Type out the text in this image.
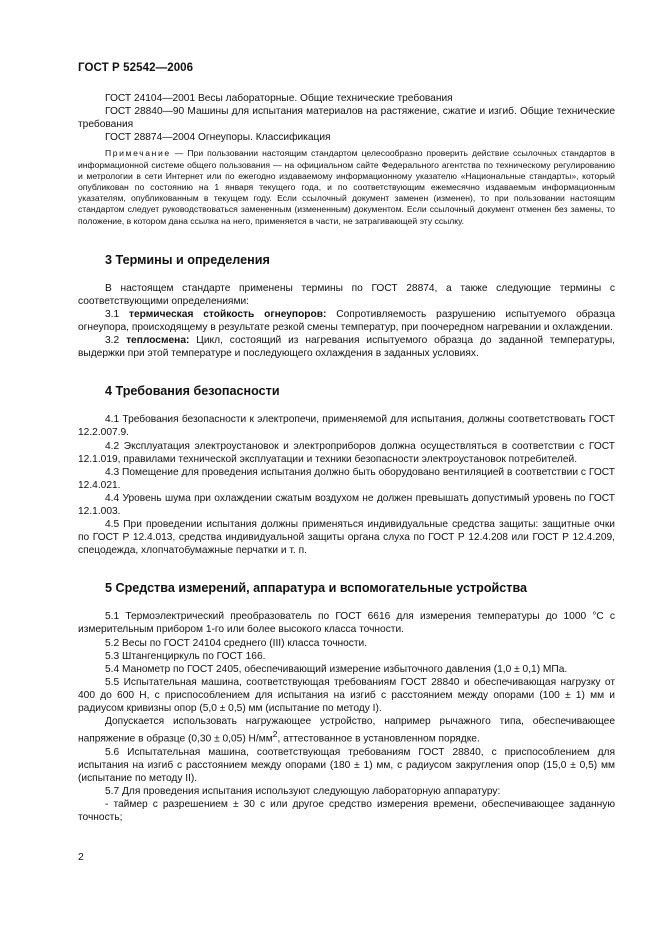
ГОСТ Р 52542—2006

ГОСТ 24104—2001 Весы лабораторные. Общие технические требования

ГОСТ 28840—90 Машины для испытания материалов на растяжение, сжатие и изгиб. Общие технические требования

ГОСТ 28874—2004 Огнеупоры. Классификация

Примечание — При пользовании настоящим стандартом целесообразно проверить действие ссылочных стандартов в информационной системе общего пользования — на официальном сайте Федерального агентства по техническому регулированию и метрологии в сети Интернет или по ежегодно издаваемому информационному указателю «Национальные стандарты», который опубликован по состоянию на 1 января текущего года, и по соответствующим ежемесячно издаваемым информационным указателям, опубликованным в текущем году. Если ссылочный документ заменен (изменен), то при пользовании настоящим стандартом следует руководствоваться замененным (измененным) документом. Если ссылочный документ отменен без замены, то положение, в котором дана ссылка на него, применяется в части, не затрагивающей эту ссылку.

3 Термины и определения

В настоящем стандарте применены термины по ГОСТ 28874, а также следующие термины с соответствующими определениями:

3.1 термическая стойкость огнеупоров: Сопротивляемость разрушению испытуемого образца огнеупора, происходящему в результате резкой смены температур, при поочередном нагревании и охлаждении.

3.2 теплосмена: Цикл, состоящий из нагревания испытуемого образца до заданной температуры, выдержки при этой температуре и последующего охлаждения в заданных условиях.

4 Требования безопасности

4.1 Требования безопасности к электропечи, применяемой для испытания, должны соответствовать ГОСТ 12.2.007.9.

4.2 Эксплуатация электроустановок и электроприборов должна осуществляться в соответствии с ГОСТ 12.1.019, правилами технической эксплуатации и техники безопасности электроустановок потребителей.

4.3 Помещение для проведения испытания должно быть оборудовано вентиляцией в соответствии с ГОСТ 12.4.021.

4.4 Уровень шума при охлаждении сжатым воздухом не должен превышать допустимый уровень по ГОСТ 12.1.003.

4.5 При проведении испытания должны применяться индивидуальные средства защиты: защитные очки по ГОСТ Р 12.4.013, средства индивидуальной защиты органа слуха по ГОСТ Р 12.4.208 или ГОСТ Р 12.4.209, спецодежда, хлопчатобумажные перчатки и т. п.

5 Средства измерений, аппаратура и вспомогательные устройства

5.1 Термоэлектрический преобразователь по ГОСТ 6616 для измерения температуры до 1000 °С с измерительным прибором 1-го или более высокого класса точности.

5.2 Весы по ГОСТ 24104 среднего (III) класса точности.

5.3 Штангенциркуль по ГОСТ 166.

5.4 Манометр по ГОСТ 2405, обеспечивающий измерение избыточного давления (1,0 ± 0,1) МПа.

5.5 Испытательная машина, соответствующая требованиям ГОСТ 28840 и обеспечивающая нагрузку от 400 до 600 Н, с приспособлением для испытания на изгиб с расстоянием между опорами (100 ± 1) мм и радиусом кривизны опор (5,0 ± 0,5) мм (испытание по методу I).

Допускается использовать нагружающее устройство, например рычажного типа, обеспечивающее напряжение в образце (0,30 ± 0,05) $Н/мм^2$, аттестованное в установленном порядке.

5.6 Испытательная машина, соответствующая требованиям ГОСТ 28840, с приспособлением для испытания на изгиб с расстоянием между опорами (180 ± 1) мм, с радиусом закругления опор (15,0 ± 0,5) мм (испытание по методу II).

5.7 Для проведения испытания используют следующую лабораторную аппаратуру:

- таймер с разрешением ± 30 с или другое средство измерения времени, обеспечивающее заданную точность;

2
